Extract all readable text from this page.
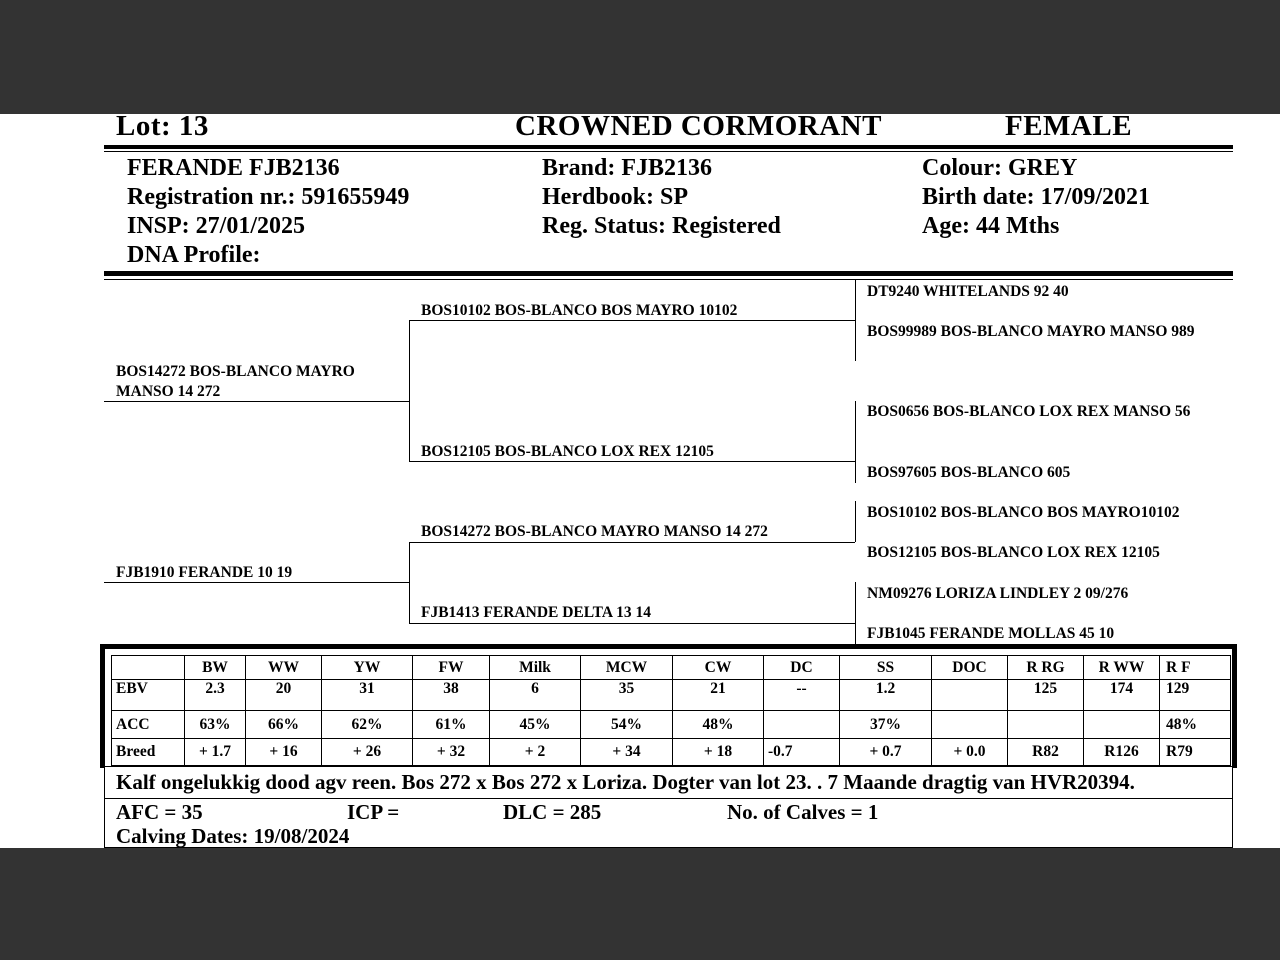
Lot: 13	CROWNED CORMORANT	FEMALE
FERANDE FJB2136
Registration nr.: 591655949
INSP: 27/01/2025
DNA Profile:
Brand: FJB2136
Herdbook: SP
Reg. Status: Registered
Colour: GREY
Birth date: 17/09/2021
Age: 44 Mths
BOS14272 BOS-BLANCO MAYRO MANSO 14 272
FJB1910 FERANDE 10 19
BOS10102 BOS-BLANCO BOS MAYRO 10102
BOS12105 BOS-BLANCO LOX REX 12105
BOS14272 BOS-BLANCO MAYRO MANSO 14 272
FJB1413 FERANDE DELTA 13 14
DT9240 WHITELANDS 92 40
BOS99989 BOS-BLANCO MAYRO MANSO 989
BOS0656 BOS-BLANCO LOX REX MANSO 56
BOS97605 BOS-BLANCO 605
BOS10102 BOS-BLANCO BOS MAYRO10102
BOS12105 BOS-BLANCO LOX REX 12105
NM09276 LORIZA LINDLEY 2 09/276
FJB1045 FERANDE MOLLAS 45 10
	BW	WW	YW	FW	Milk	MCW	CW	DC	SS	DOC	R RG	R WW	R F
EBV	2.3	20	31	38	6	35	21	--	1.2		125	174	129
ACC	63%	66%	62%	61%	45%	54%	48%		37%				48%
Breed	+ 1.7	+ 16	+ 26	+ 32	+ 2	+ 34	+ 18	-0.7	+ 0.7	+ 0.0	R82	R126	R79
Kalf ongelukkig dood agv reen. Bos 272 x Bos 272 x Loriza. Dogter van lot 23. . 7 Maande dragtig van HVR20394.
AFC = 35	ICP =	DLC = 285	No. of Calves = 1
Calving Dates: 19/08/2024
